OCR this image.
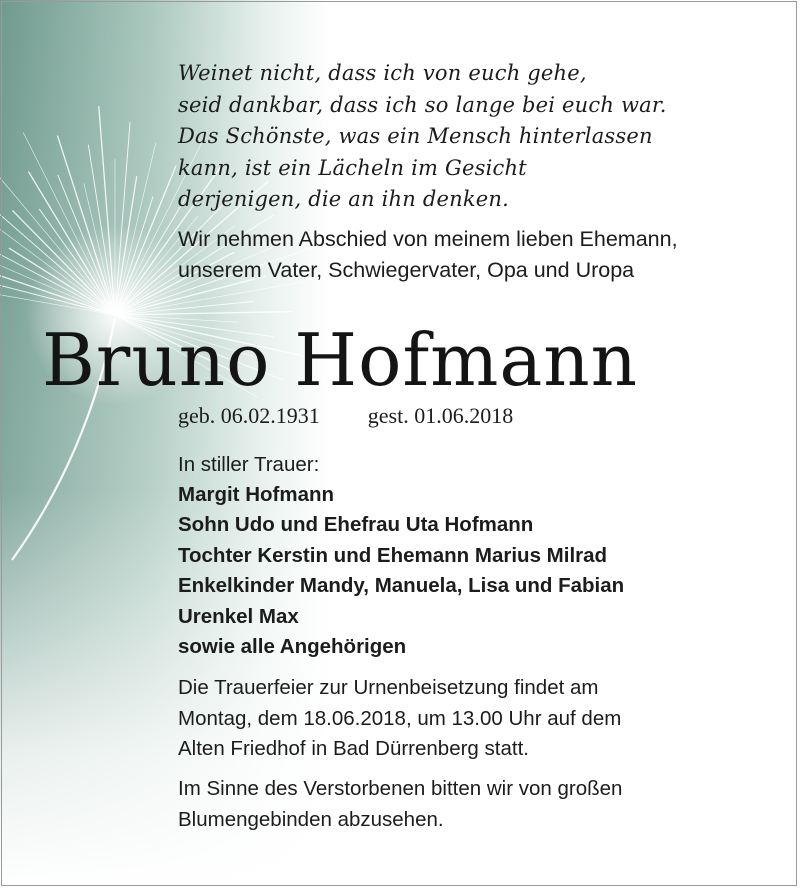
Weinet nicht, dass ich von euch gehe,
seid dankbar, dass ich so lange bei euch war.
Das Schönste, was ein Mensch hinterlassen
kann, ist ein Lächeln im Gesicht
derjenigen, die an ihn denken.
Wir nehmen Abschied von meinem lieben Ehemann,
unserem Vater, Schwiegervater, Opa und Uropa
Bruno Hofmann
geb. 06.02.1931 gest. 01.06.2018
In stiller Trauer:
Margit Hofmann
Sohn Udo und Ehefrau Uta Hofmann
Tochter Kerstin und Ehemann Marius Milrad
Enkelkinder Mandy, Manuela, Lisa und Fabian
Urenkel Max
sowie alle Angehörigen
Die Trauerfeier zur Urnenbeisetzung findet am
Montag, dem 18.06.2018, um 13.00 Uhr auf dem
Alten Friedhof in Bad Dürrenberg statt.
Im Sinne des Verstorbenen bitten wir von großen
Blumengebinden abzusehen.
